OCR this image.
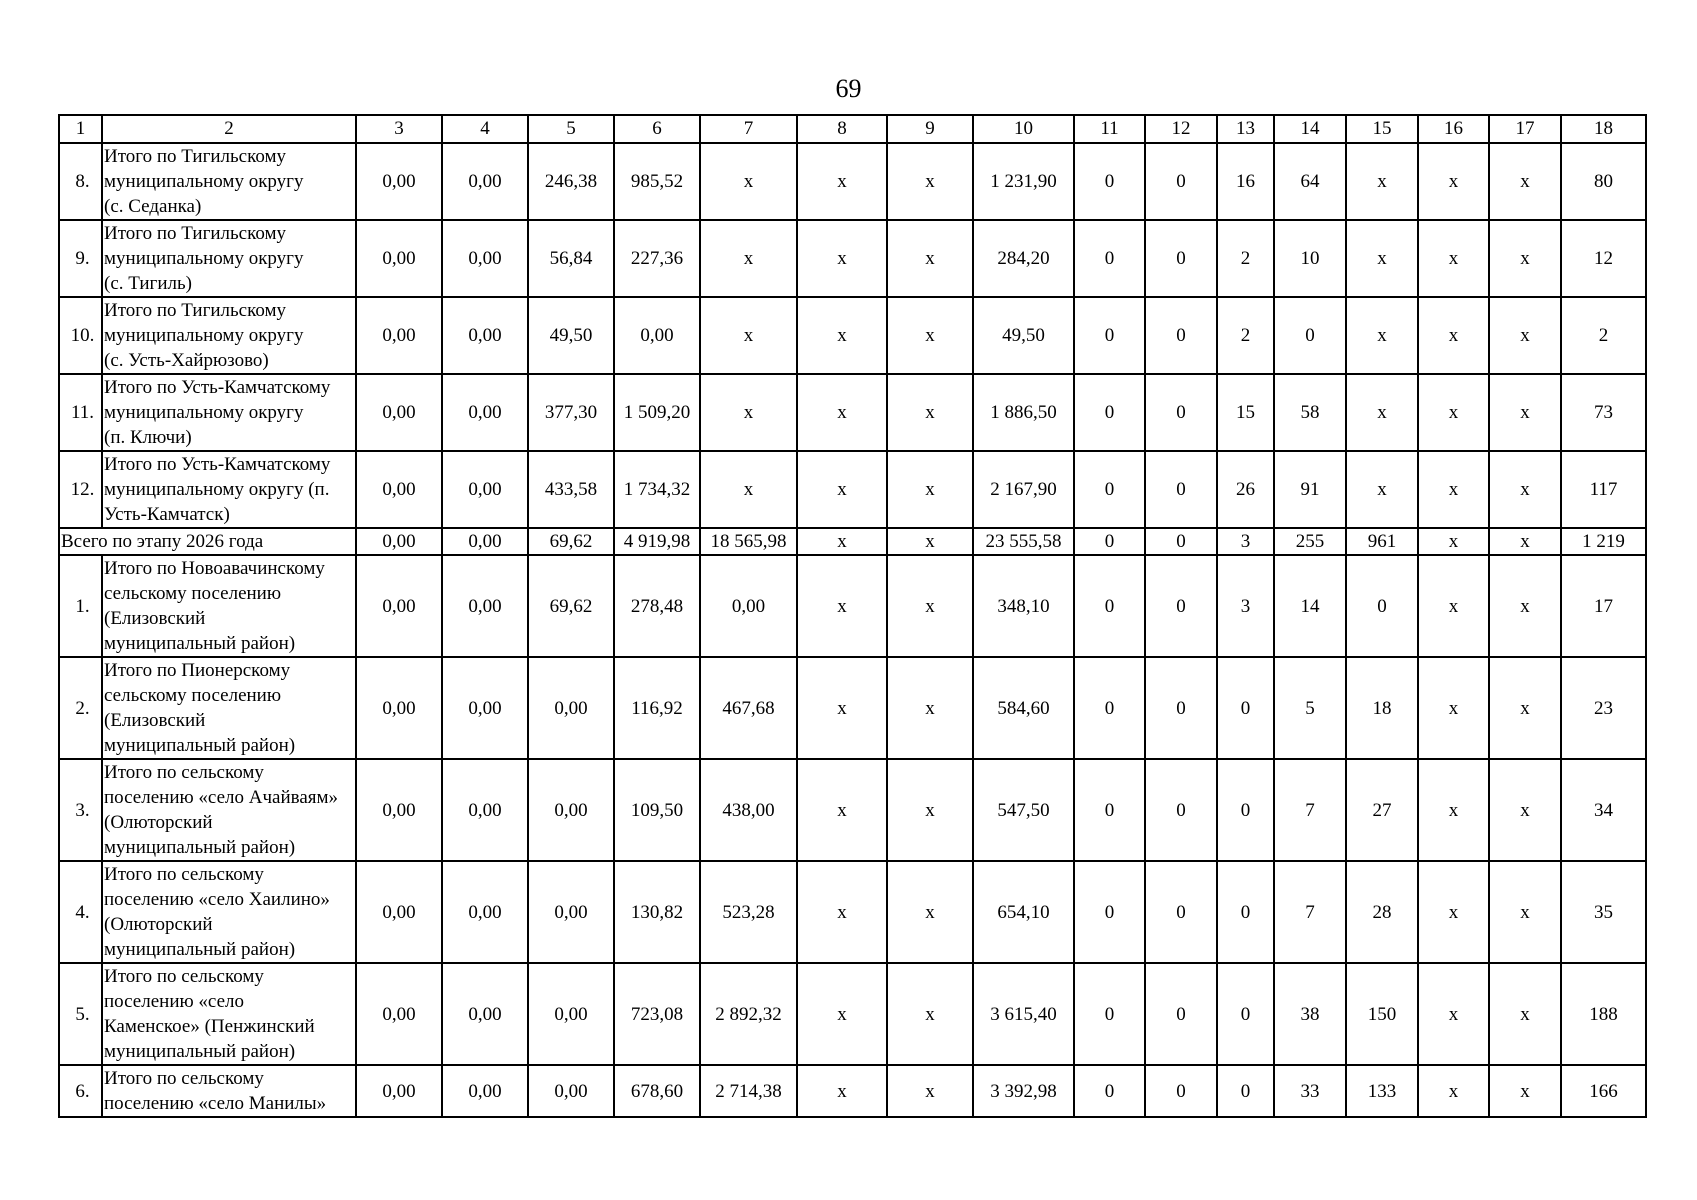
69
1	2	3	4	5	6	7	8	9	10	11	12	13	14	15	16	17	18
8.	Итого по Тигильскому
муниципальному округу
(с. Седанка)	0,00	0,00	246,38	985,52	х	х	х	1 231,90	0	0	16	64	х	х	х	80
9.	Итого по Тигильскому
муниципальному округу
(с. Тигиль)	0,00	0,00	56,84	227,36	х	х	х	284,20	0	0	2	10	х	х	х	12
10.	Итого по Тигильскому
муниципальному округу
(с. Усть-Хайрюзово)	0,00	0,00	49,50	0,00	х	х	х	49,50	0	0	2	0	х	х	х	2
11.	Итого по Усть-Камчатскому
муниципальному округу
(п. Ключи)	0,00	0,00	377,30	1 509,20	х	х	х	1 886,50	0	0	15	58	х	х	х	73
12.	Итого по Усть-Камчатскому
муниципальному округу (п.
Усть-Камчатск)	0,00	0,00	433,58	1 734,32	х	х	х	2 167,90	0	0	26	91	х	х	х	117
Всего по этапу 2026 года		0,00	0,00	69,62	4 919,98	18 565,98	х	х	23 555,58	0	0	3	255	961	х	х	1 219
1.	Итого по Новоавачинскому
сельскому поселению
(Елизовский
муниципальный район)	0,00	0,00	69,62	278,48	0,00	х	х	348,10	0	0	3	14	0	х	х	17
2.	Итого по Пионерскому
сельскому поселению
(Елизовский
муниципальный район)	0,00	0,00	0,00	116,92	467,68	х	х	584,60	0	0	0	5	18	х	х	23
3.	Итого по сельскому
поселению «село Ачайваям»
(Олюторский
муниципальный район)	0,00	0,00	0,00	109,50	438,00	х	х	547,50	0	0	0	7	27	х	х	34
4.	Итого по сельскому
поселению «село Хаилино»
(Олюторский
муниципальный район)	0,00	0,00	0,00	130,82	523,28	х	х	654,10	0	0	0	7	28	х	х	35
5.	Итого по сельскому
поселению «село
Каменское» (Пенжинский
муниципальный район)	0,00	0,00	0,00	723,08	2 892,32	х	х	3 615,40	0	0	0	38	150	х	х	188
6.	Итого по сельскому
поселению «село Манилы»	0,00	0,00	0,00	678,60	2 714,38	х	х	3 392,98	0	0	0	33	133	х	х	166
